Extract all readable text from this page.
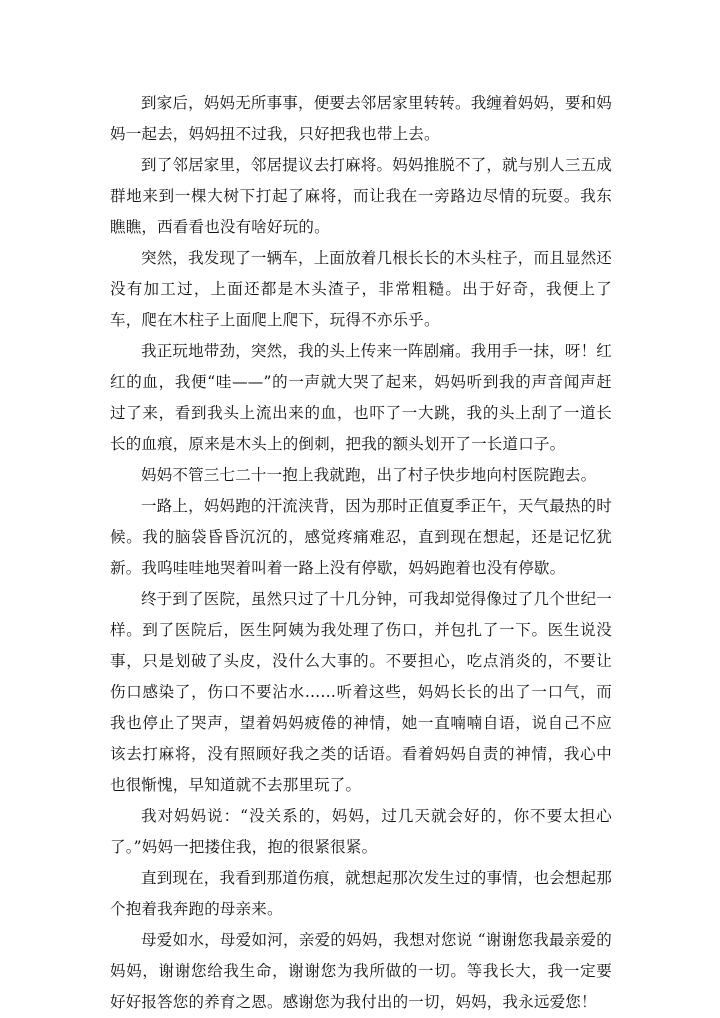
到家后，妈妈无所事事，便要去邻居家里转转。我缠着妈妈，要和妈妈一起去，妈妈扭不过我，只好把我也带上去。

到了邻居家里，邻居提议去打麻将。妈妈推脱不了，就与别人三五成群地来到一棵大树下打起了麻将，而让我在一旁路边尽情的玩耍。我东瞧瞧，西看看也没有啥好玩的。

突然，我发现了一辆车，上面放着几根长长的木头柱子，而且显然还没有加工过，上面还都是木头渣子，非常粗糙。出于好奇，我便上了车，爬在木柱子上面爬上爬下，玩得不亦乐乎。

我正玩地带劲，突然，我的头上传来一阵剧痛。我用手一抹，呀！红红的血，我便“哇——”的一声就大哭了起来，妈妈听到我的声音闻声赶过了来，看到我头上流出来的血，也吓了一大跳，我的头上刮了一道长长的血痕，原来是木头上的倒刺，把我的额头划开了一长道口子。

妈妈不管三七二十一抱上我就跑，出了村子快步地向村医院跑去。

一路上，妈妈跑的汗流浃背，因为那时正值夏季正午，天气最热的时候。我的脑袋昏昏沉沉的，感觉疼痛难忍，直到现在想起，还是记忆犹新。我呜哇哇地哭着叫着一路上没有停歇，妈妈跑着也没有停歇。

终于到了医院，虽然只过了十几分钟，可我却觉得像过了几个世纪一样。到了医院后，医生阿姨为我处理了伤口，并包扎了一下。医生说没事，只是划破了头皮，没什么大事的。不要担心，吃点消炎的，不要让伤口感染了，伤口不要沾水……听着这些，妈妈长长的出了一口气，而我也停止了哭声，望着妈妈疲倦的神情，她一直喃喃自语，说自己不应该去打麻将，没有照顾好我之类的话语。看着妈妈自责的神情，我心中也很惭愧，早知道就不去那里玩了。

我对妈妈说：“没关系的，妈妈，过几天就会好的，你不要太担心了。”妈妈一把搂住我，抱的很紧很紧。

直到现在，我看到那道伤痕，就想起那次发生过的事情，也会想起那个抱着我奔跑的母亲来。

母爱如水，母爱如河，亲爱的妈妈，我想对您说 “谢谢您我最亲爱的妈妈，谢谢您给我生命，谢谢您为我所做的一切。等我长大，我一定要好好报答您的养育之恩。感谢您为我付出的一切，妈妈，我永远爱您！
